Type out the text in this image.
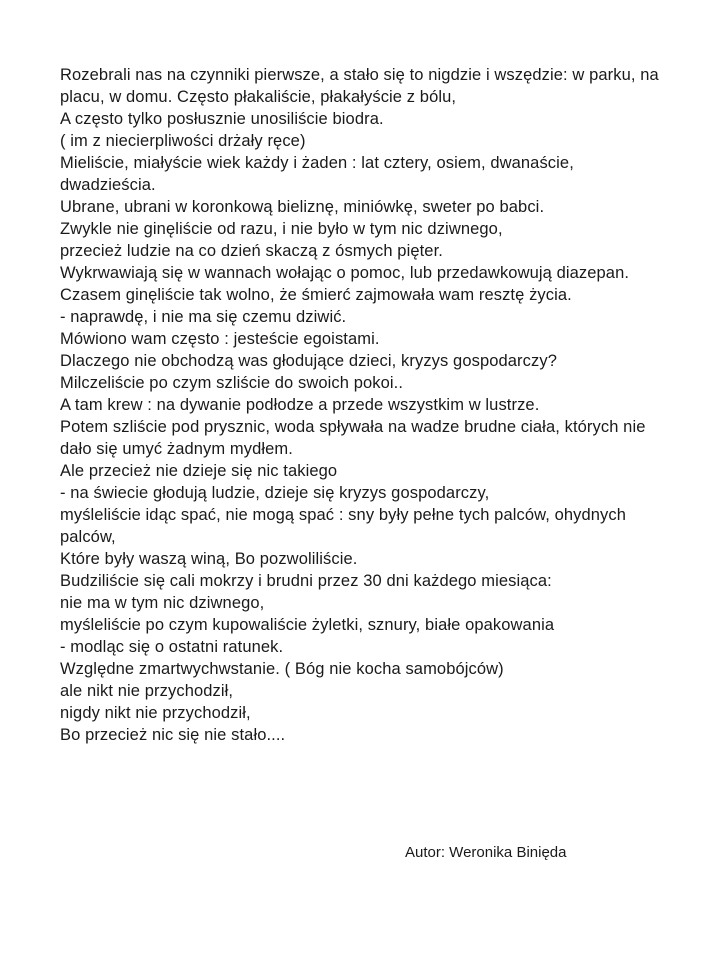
Rozebrali nas na czynniki pierwsze, a stało się to nigdzie i wszędzie: w parku, na placu, w domu. Często płakaliście, płakałyście z bólu,
A często tylko posłusznie unosiliście biodra.
( im z niecierpliwości drżały ręce)
Mieliście, miałyście wiek każdy i żaden : lat cztery, osiem, dwanaście, dwadzieścia.
Ubrane, ubrani w koronkową bieliznę, miniówkę, sweter po babci.
Zwykle nie ginęliście od razu, i nie było w tym nic dziwnego,
przecież ludzie na co dzień skaczą z ósmych pięter.
Wykrwawiają się w wannach wołając o pomoc, lub przedawkowują diazepan.
Czasem ginęliście tak wolno, że śmierć zajmowała wam resztę życia.
- naprawdę, i nie ma się czemu dziwić.
Mówiono wam często : jesteście egoistami.
Dlaczego nie obchodzą was głodujące dzieci, kryzys gospodarczy?
Milczeliście po czym szliście do swoich pokoi..
A tam krew : na dywanie podłodze a przede wszystkim w lustrze.
Potem szliście pod prysznic, woda spływała na wadze brudne ciała, których nie dało się umyć żadnym mydłem.
Ale przecież nie dzieje się nic takiego
- na świecie głodują ludzie, dzieje się kryzys gospodarczy,
myśleliście idąc spać, nie mogą spać : sny były pełne tych palców, ohydnych palców,
Które były waszą winą, Bo pozwoliliście.
Budziliście się cali mokrzy i brudni przez 30 dni każdego miesiąca:
nie ma w tym nic dziwnego,
myśleliście po czym kupowaliście żyletki, sznury, białe opakowania
- modląc się o ostatni ratunek.
Względne zmartwychwstanie. ( Bóg nie kocha samobójców)
ale nikt nie przychodził,
nigdy nikt nie przychodził,
Bo przecież nic się nie stało....
Autor: Weronika Binięda
